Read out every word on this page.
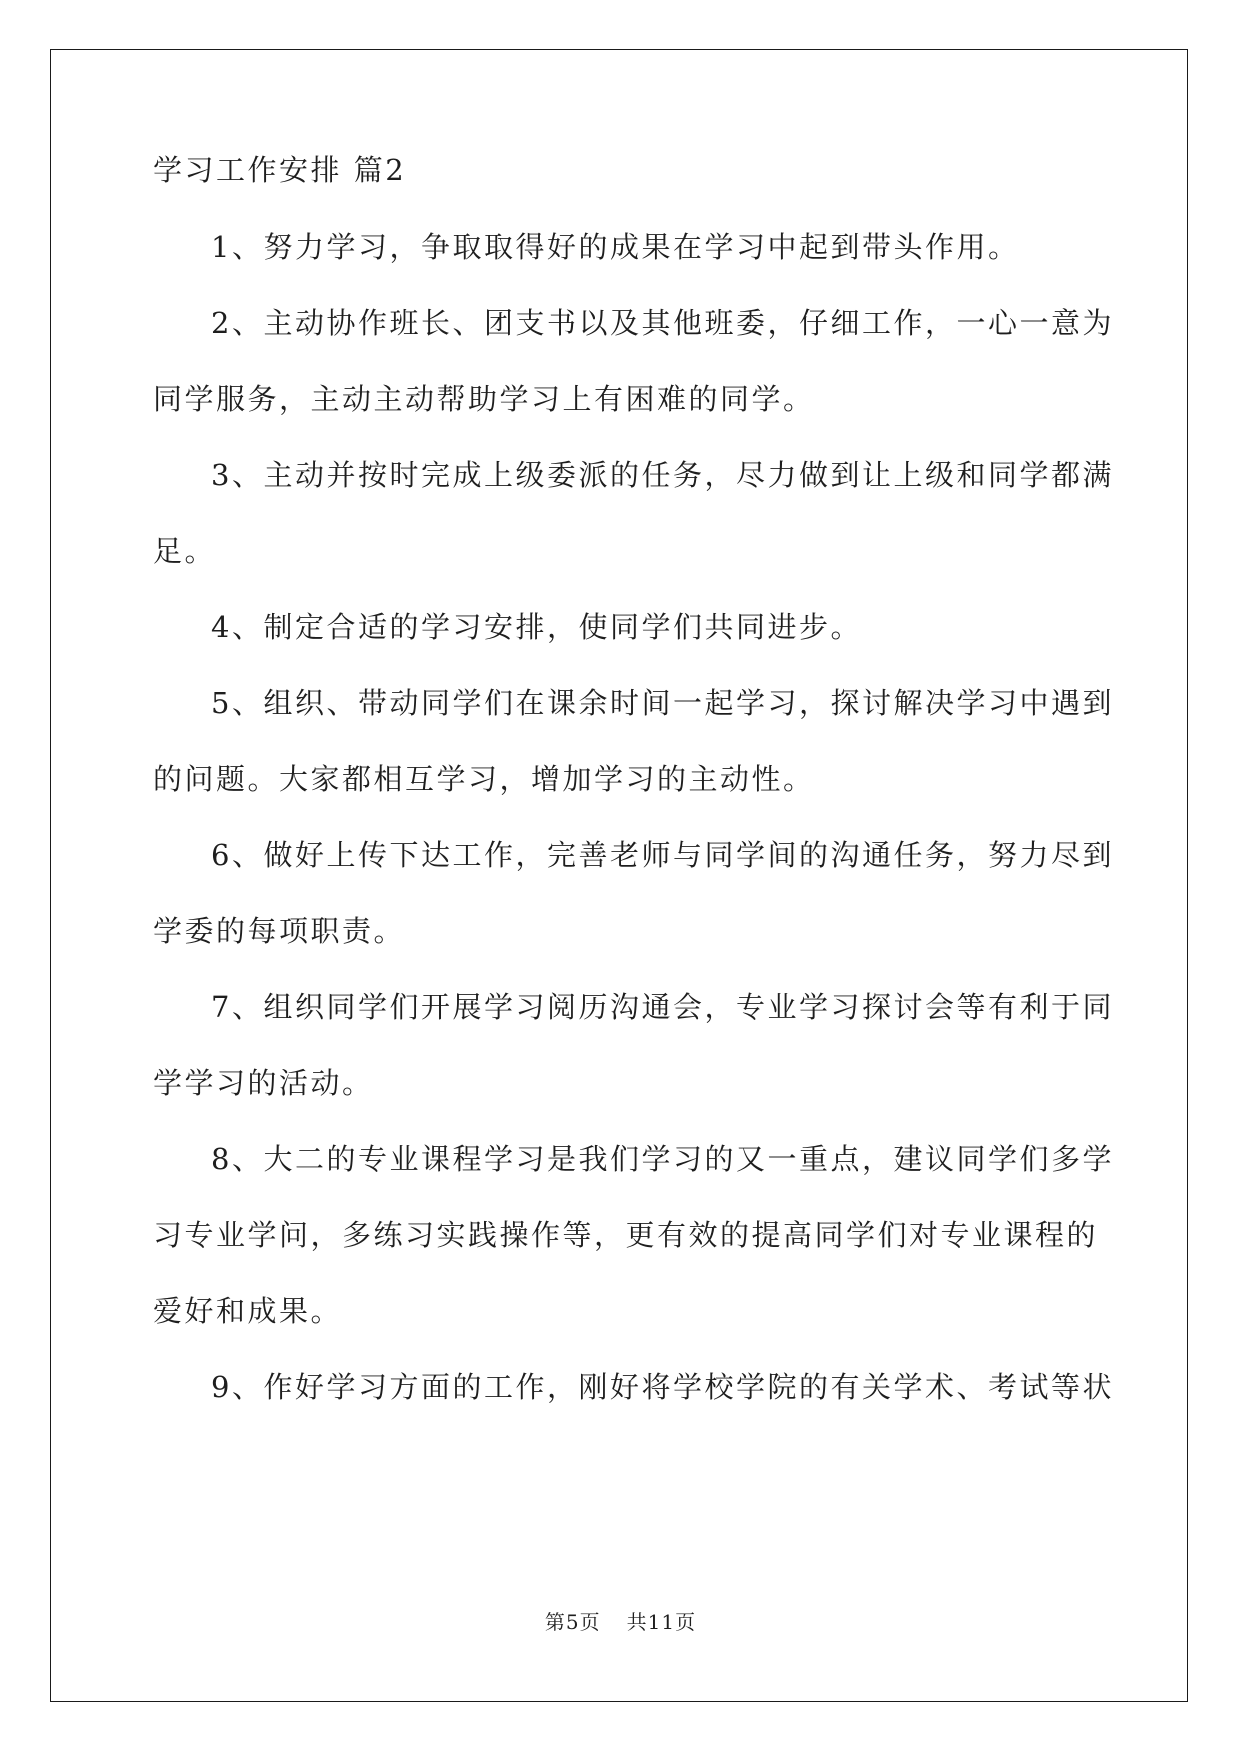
学习工作安排 篇2
1、努力学习，争取取得好的成果在学习中起到带头作用。
2、主动协作班长、团支书以及其他班委，仔细工作，一心一意为
同学服务，主动主动帮助学习上有困难的同学。
3、主动并按时完成上级委派的任务，尽力做到让上级和同学都满
足。
4、制定合适的学习安排，使同学们共同进步。
5、组织、带动同学们在课余时间一起学习，探讨解决学习中遇到
的问题。大家都相互学习，增加学习的主动性。
6、做好上传下达工作，完善老师与同学间的沟通任务，努力尽到
学委的每项职责。
7、组织同学们开展学习阅历沟通会，专业学习探讨会等有利于同
学学习的活动。
8、大二的专业课程学习是我们学习的又一重点，建议同学们多学
习专业学问，多练习实践操作等，更有效的提高同学们对专业课程的
爱好和成果。
9、作好学习方面的工作，刚好将学校学院的有关学术、考试等状
第5页 共11页
